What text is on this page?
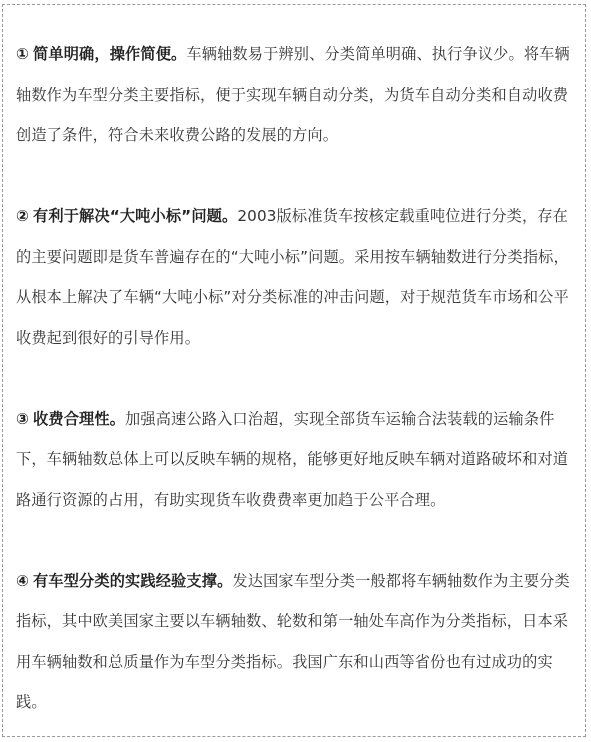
① 简单明确，操作简便。车辆轴数易于辨别、分类简单明确、执行争议少。将车辆轴数作为车型分类主要指标，便于实现车辆自动分类，为货车自动分类和自动收费创造了条件，符合未来收费公路的发展的方向。

② 有利于解决“大吨小标”问题。2003版标准货车按核定载重吨位进行分类，存在的主要问题即是货车普遍存在的“大吨小标”问题。采用按车辆轴数进行分类指标，从根本上解决了车辆“大吨小标”对分类标准的冲击问题，对于规范货车市场和公平收费起到很好的引导作用。

③ 收费合理性。加强高速公路入口治超，实现全部货车运输合法装载的运输条件下，车辆轴数总体上可以反映车辆的规格，能够更好地反映车辆对道路破坏和对道路通行资源的占用，有助实现货车收费费率更加趋于公平合理。

④ 有车型分类的实践经验支撑。发达国家车型分类一般都将车辆轴数作为主要分类指标，其中欧美国家主要以车辆轴数、轮数和第一轴处车高作为分类指标，日本采用车辆轴数和总质量作为车型分类指标。我国广东和山西等省份也有过成功的实践。
